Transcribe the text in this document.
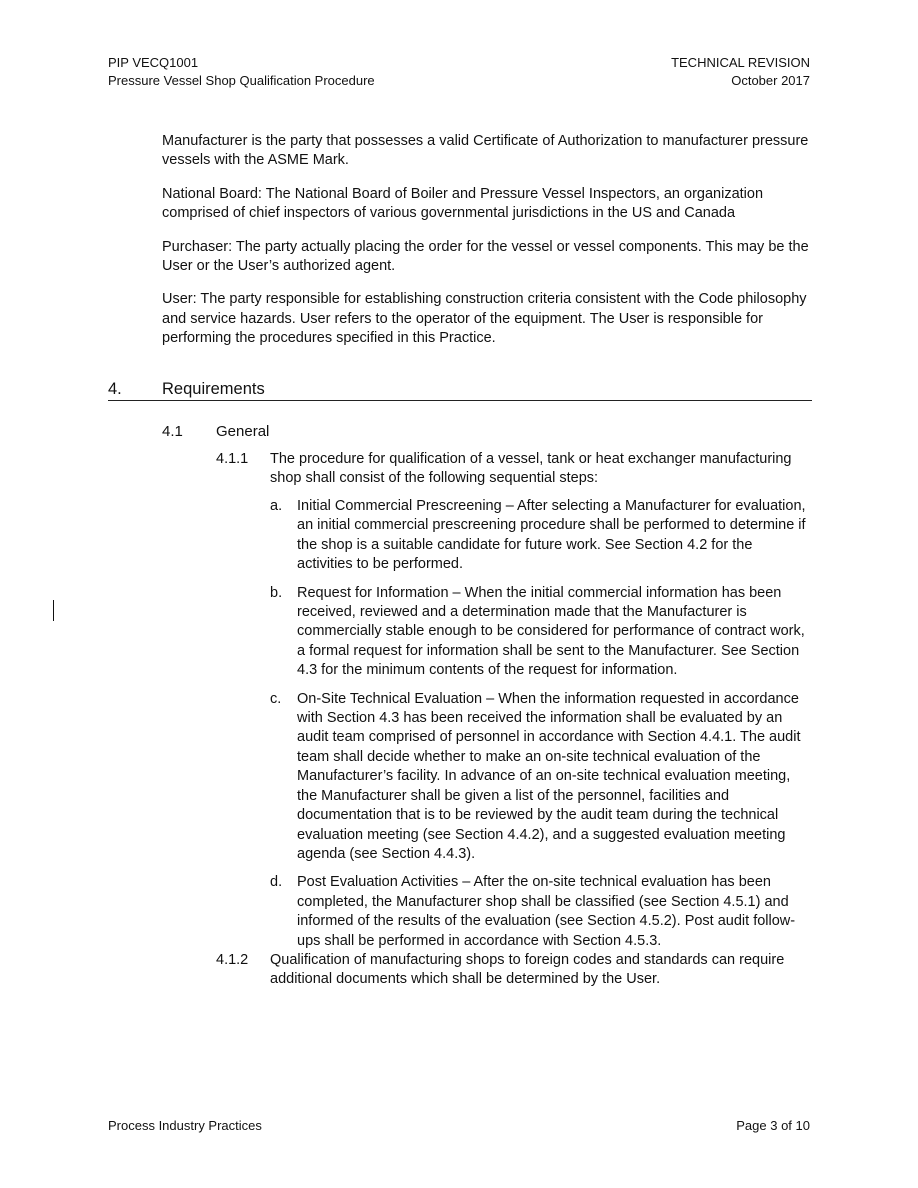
PIP VECQ1001
Pressure Vessel Shop Qualification Procedure
TECHNICAL REVISION
October 2017

Manufacturer is the party that possesses a valid Certificate of Authorization to manufacturer pressure vessels with the ASME Mark.

National Board: The National Board of Boiler and Pressure Vessel Inspectors, an organization comprised of chief inspectors of various governmental jurisdictions in the US and Canada

Purchaser: The party actually placing the order for the vessel or vessel components. This may be the User or the User’s authorized agent.

User: The party responsible for establishing construction criteria consistent with the Code philosophy and service hazards. User refers to the operator of the equipment. The User is responsible for performing the procedures specified in this Practice.

4. Requirements
4.1 General
4.1.1 The procedure for qualification of a vessel, tank or heat exchanger manufacturing shop shall consist of the following sequential steps:
a. Initial Commercial Prescreening – After selecting a Manufacturer for evaluation, an initial commercial prescreening procedure shall be performed to determine if the shop is a suitable candidate for future work. See Section 4.2 for the activities to be performed.
b. Request for Information – When the initial commercial information has been received, reviewed and a determination made that the Manufacturer is commercially stable enough to be considered for performance of contract work, a formal request for information shall be sent to the Manufacturer. See Section 4.3 for the minimum contents of the request for information.
c. On-Site Technical Evaluation – When the information requested in accordance with Section 4.3 has been received the information shall be evaluated by an audit team comprised of personnel in accordance with Section 4.4.1. The audit team shall decide whether to make an on-site technical evaluation of the Manufacturer’s facility. In advance of an on-site technical evaluation meeting, the Manufacturer shall be given a list of the personnel, facilities and documentation that is to be reviewed by the audit team during the technical evaluation meeting (see Section 4.4.2), and a suggested evaluation meeting agenda (see Section 4.4.3).
d. Post Evaluation Activities – After the on-site technical evaluation has been completed, the Manufacturer shop shall be classified (see Section 4.5.1) and informed of the results of the evaluation (see Section 4.5.2). Post audit follow-ups shall be performed in accordance with Section 4.5.3.
4.1.2 Qualification of manufacturing shops to foreign codes and standards can require additional documents which shall be determined by the User.
Process Industry Practices	Page 3 of 10
